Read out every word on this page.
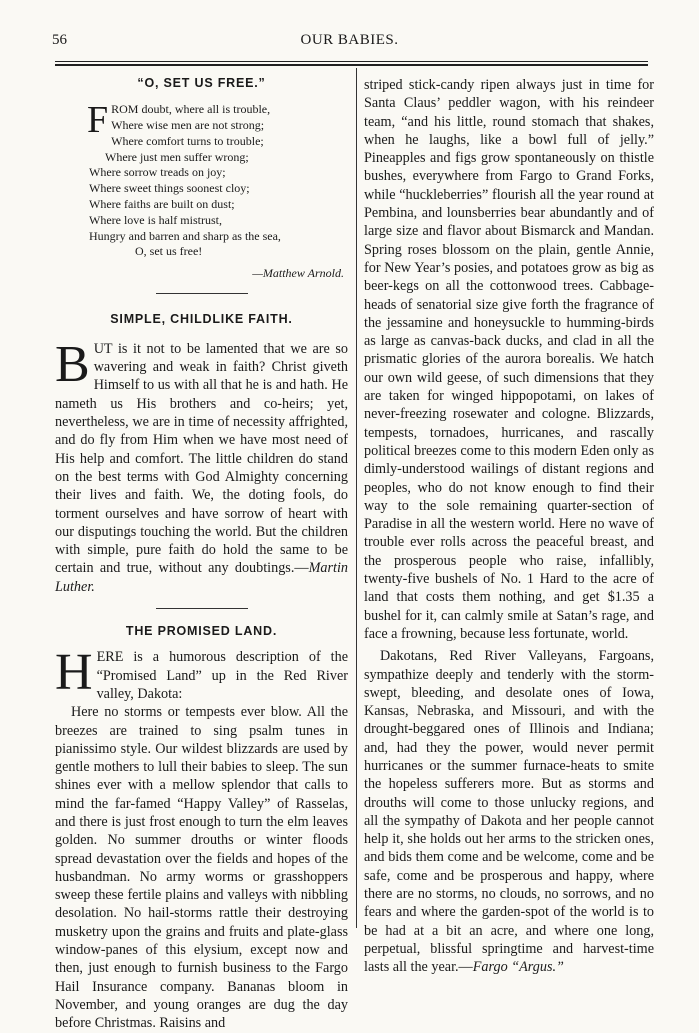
56	OUR BABIES.
“O, SET US FREE.”
F ROM doubt, where all is trouble,
Where wise men are not strong;
Where comfort turns to trouble;
Where just men suffer wrong;
Where sorrow treads on joy;
Where sweet things soonest cloy;
Where faiths are built on dust;
Where love is half mistrust,
Hungry and barren and sharp as the sea,
O, set us free!
—Matthew Arnold.
SIMPLE, CHILDLIKE FAITH.
B UT is it not to be lamented that we are so wavering and weak in faith? Christ giveth Himself to us with all that he is and hath. He nameth us His brothers and co-heirs; yet, nevertheless, we are in time of necessity affrighted, and do fly from Him when we have most need of His help and comfort. The little children do stand on the best terms with God Almighty concerning their lives and faith. We, the doting fools, do torment ourselves and have sorrow of heart with our disputings touching the world. But the children with simple, pure faith do hold the same to be certain and true, without any doubtings.—Martin Luther.

THE PROMISED LAND.
H ERE is a humorous description of the “Promised Land” up in the Red River valley, Dakota:

Here no storms or tempests ever blow. All the breezes are trained to sing psalm tunes in pianissimo style. Our wildest blizzards are used by gentle mothers to lull their babies to sleep. The sun shines ever with a mellow splendor that calls to mind the far-famed “Happy Valley” of Rasselas, and there is just frost enough to turn the elm leaves golden. No summer drouths or winter floods spread devastation over the fields and hopes of the husbandman. No army worms or grasshoppers sweep these fertile plains and valleys with nibbling desolation. No hail-storms rattle their destroying musketry upon the grains and fruits and plate-glass window-panes of this elysium, except now and then, just enough to furnish business to the Fargo Hail Insurance company. Bananas bloom in November, and young oranges are dug the day before Christmas. Raisins and

striped stick-candy ripen always just in time for Santa Claus’ peddler wagon, with his reindeer team, “and his little, round stomach that shakes, when he laughs, like a bowl full of jelly.” Pineapples and figs grow spontaneously on thistle bushes, everywhere from Fargo to Grand Forks, while “huckleberries” flourish all the year round at Pembina, and lounsberries bear abundantly and of large size and flavor about Bismarck and Mandan. Spring roses blossom on the plain, gentle Annie, for New Year’s posies, and potatoes grow as big as beer-kegs on all the cottonwood trees. Cabbage-heads of senatorial size give forth the fragrance of the jessamine and honeysuckle to humming-birds as large as canvas-back ducks, and clad in all the prismatic glories of the aurora borealis. We hatch our own wild geese, of such dimensions that they are taken for winged hippopotami, on lakes of never-freezing rosewater and cologne. Blizzards, tempests, tornadoes, hurricanes, and rascally political breezes come to this modern Eden only as dimly-understood wailings of distant regions and peoples, who do not know enough to find their way to the sole remaining quarter-section of Paradise in all the western world. Here no wave of trouble ever rolls across the peaceful breast, and the prosperous people who raise, infallibly, twenty-five bushels of No. 1 Hard to the acre of land that costs them nothing, and get $1.35 a bushel for it, can calmly smile at Satan’s rage, and face a frowning, because less fortunate, world.

Dakotans, Red River Valleyans, Fargoans, sympathize deeply and tenderly with the storm-swept, bleeding, and desolate ones of Iowa, Kansas, Nebraska, and Missouri, and with the drought-beggared ones of Illinois and Indiana; and, had they the power, would never permit hurricanes or the summer furnace-heats to smite the hopeless sufferers more. But as storms and drouths will come to those unlucky regions, and all the sympathy of Dakota and her people cannot help it, she holds out her arms to the stricken ones, and bids them come and be welcome, come and be safe, come and be prosperous and happy, where there are no storms, no clouds, no sorrows, and no fears and where the garden-spot of the world is to be had at a bit an acre, and where one long, perpetual, blissful springtime and harvest-time lasts all the year.—Fargo “Argus.”
